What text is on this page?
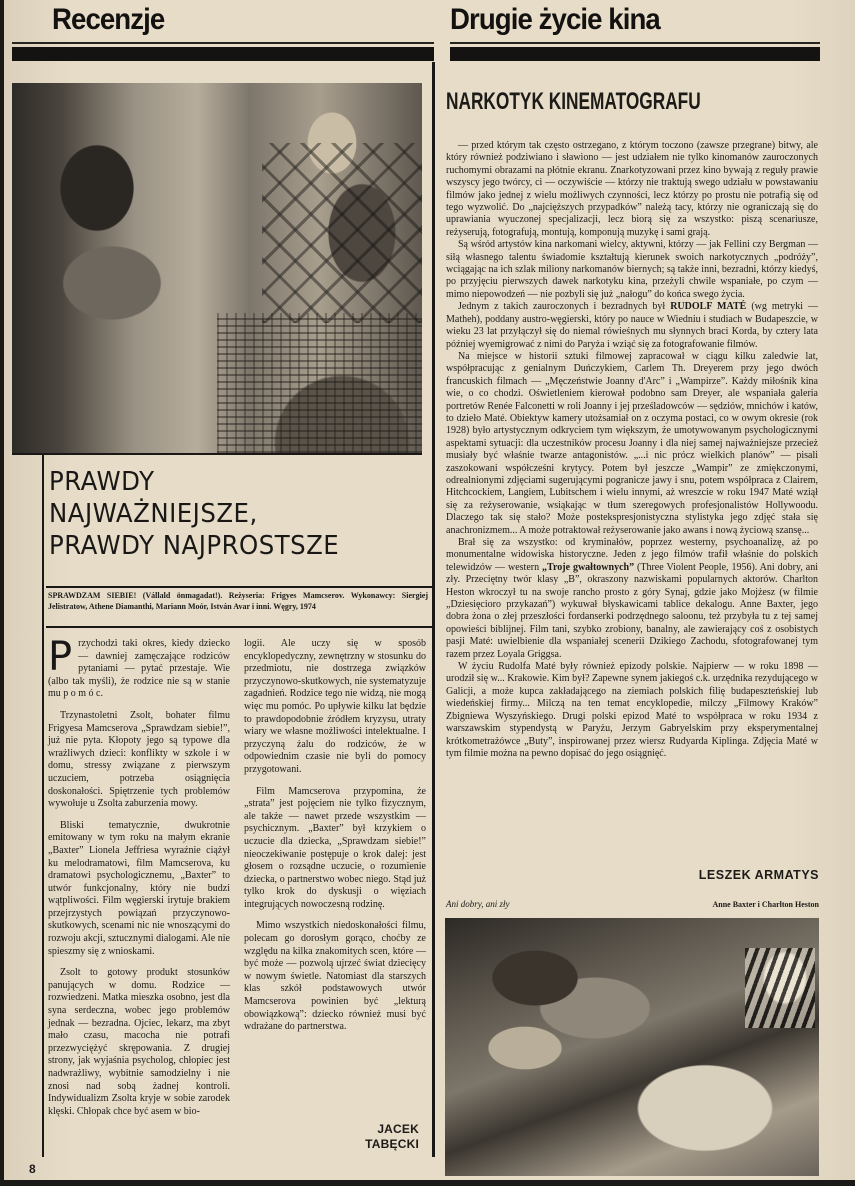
Recenzje	Drugie życie kina
PRAWDY
NAJWAŻNIEJSZE,
PRAWDY NAJPROSTSZE
SPRAWDZAM SIEBIE! (Vállald önmagadat!). Reżyseria: Frigyes Mamcserov. Wykonawcy: Siergiej Jelistratow, Athene Diamanthi, Mariann Moór, István Avar i inni. Węgry, 1974

Przychodzi taki okres, kiedy dziecko — dawniej zamęczające rodziców pytaniami — pytać przestaje. Wie (albo tak myśli), że rodzice nie są w stanie mu p o m ó c.

Trzynastoletni Zsolt, bohater filmu Frigyesa Mamcserova „Sprawdzam siebie!”, już nie pyta. Kłopoty jego są typowe dla wrażliwych dzieci: konflikty w szkole i w domu, stressy związane z pierwszym uczuciem, potrzeba osiągnięcia doskonałości. Spiętrzenie tych problemów wywołuje u Zsolta zaburzenia mowy.

Bliski tematycznie, dwukrotnie emitowany w tym roku na małym ekranie „Baxter” Lionela Jeffriesa wyraźnie ciążył ku melodramatowi, film Mamcserova, ku dramatowi psychologicznemu, „Baxter” to utwór funkcjonalny, który nie budzi wątpliwości. Film węgierski irytuje brakiem przejrzystych powiązań przyczynowo-skutkowych, scenami nic nie wnoszącymi do rozwoju akcji, sztucznymi dialogami. Ale nie spieszmy się z wnioskami.

Zsolt to gotowy produkt stosunków panujących w domu. Rodzice — rozwiedzeni. Matka mieszka osobno, jest dla syna serdeczna, wobec jego problemów jednak — bezradna. Ojciec, lekarz, ma zbyt mało czasu, macocha nie potrafi przezwyciężyć skrępowania. Z drugiej strony, jak wyjaśnia psycholog, chłopiec jest nadwrażliwy, wybitnie samodzielny i nie znosi nad sobą żadnej kontroli. Indywidualizm Zsolta kryje w sobie zarodek klęski. Chłopak chce być asem w bio-

logii. Ale uczy się w sposób encyklopedyczny, zewnętrzny w stosunku do przedmiotu, nie dostrzega związków przyczynowo-skutkowych, nie systematyzuje zagadnień. Rodzice tego nie widzą, nie mogą więc mu pomóc. Po upływie kilku lat będzie to prawdopodobnie źródłem kryzysu, utraty wiary we własne możliwości intelektualne. I przyczyną żalu do rodziców, że w odpowiednim czasie nie byli do pomocy przygotowani.

Film Mamcserova przypomina, że „strata” jest pojęciem nie tylko fizycznym, ale także — nawet przede wszystkim — psychicznym. „Baxter” był krzykiem o uczucie dla dziecka, „Sprawdzam siebie!” nieoczekiwanie postępuje o krok dalej: jest głosem o rozsądne uczucie, o rozumienie dziecka, o partnerstwo wobec niego. Stąd już tylko krok do dyskusji o więziach integrujących nowoczesną rodzinę.

Mimo wszystkich niedoskonałości filmu, polecam go dorosłym gorąco, choćby ze względu na kilka znakomitych scen, które — być może — pozwolą ujrzeć świat dziecięcy w nowym świetle. Natomiast dla starszych klas szkół podstawowych utwór Mamcserova powinien być „lekturą obowiązkową”: dziecko również musi być wdrażane do partnerstwa.

JACEK
TABĘCKI
8
NARKOTYK KINEMATOGRAFU

— przed którym tak często ostrzegano, z którym toczono (zawsze przegrane) bitwy, ale który również podziwiano i sławiono — jest udziałem nie tylko kinomanów zauroczonych ruchomymi obrazami na płótnie ekranu. Znarkotyzowani przez kino bywają z reguły prawie wszyscy jego twórcy, ci — oczywiście — którzy nie traktują swego udziału w powstawaniu filmów jako jednej z wielu możliwych czynności, lecz którzy po prostu nie potrafią się od tego wyzwolić. Do „najcięższych przypadków” należą tacy, którzy nie ograniczają się do uprawiania wyuczonej specjalizacji, lecz biorą się za wszystko: piszą scenariusze, reżyserują, fotografują, montują, komponują muzykę i sami grają.

Są wśród artystów kina narkomani wielcy, aktywni, którzy — jak Fellini czy Bergman — siłą własnego talentu świadomie kształtują kierunek swoich narkotycznych „podróży”, wciągając na ich szlak miliony narkomanów biernych; są także inni, bezradni, którzy kiedyś, po przyjęciu pierwszych dawek narkotyku kina, przeżyli chwile wspaniałe, po czym — mimo niepowodzeń — nie pozbyli się już „nałogu” do końca swego życia.

Jednym z takich zauroczonych i bezradnych był RUDOLF MATÉ (wg metryki — Matheh), poddany austro-węgierski, który po nauce w Wiedniu i studiach w Budapeszcie, w wieku 23 lat przyłączył się do niemal rówieśnych mu słynnych braci Korda, by cztery lata później wyemigrować z nimi do Paryża i wziąć się za fotografowanie filmów.

Na miejsce w historii sztuki filmowej zapracował w ciągu kilku zaledwie lat, współpracując z genialnym Duńczykiem, Carlem Th. Dreyerem przy jego dwóch francuskich filmach — „Męczeństwie Joanny d'Arc” i „Wampirze”. Każdy miłośnik kina wie, o co chodzi. Oświetleniem kierował podobno sam Dreyer, ale wspaniała galeria portretów Renée Falconetti w roli Joanny i jej prześladowców — sędziów, mnichów i katów, to dzieło Maté. Obiektyw kamery utożsamiał on z oczyma postaci, co w owym okresie (rok 1928) było artystycznym odkryciem tym większym, że umotywowanym psychologicznymi aspektami sytuacji: dla uczestników procesu Joanny i dla niej samej najważniejsze przecież musiały być właśnie twarze antagonistów. „...i nic prócz wielkich planów” — pisali zaszokowani współcześni krytycy. Potem był jeszcze „Wampir” ze zmiękczonymi, odrealnionymi zdjęciami sugerującymi pogranicze jawy i snu, potem współpraca z Clairem, Hitchcockiem, Langiem, Lubitschem i wielu innymi, aż wreszcie w roku 1947 Maté wziął się za reżyserowanie, wsiąkając w tłum szeregowych profesjonalistów Hollywoodu. Dlaczego tak się stało? Może postekspresjonistyczna stylistyka jego zdjęć stała się anachronizmem... A może potraktował reżyserowanie jako awans i nową życiową szansę...

Brał się za wszystko: od kryminałów, poprzez westerny, psychoanalizę, aż po monumentalne widowiska historyczne. Jeden z jego filmów trafił właśnie do polskich telewidzów — western „Troje gwałtownych” (Three Violent People, 1956). Ani dobry, ani zły. Przeciętny twór klasy „B”, okraszony nazwiskami popularnych aktorów. Charlton Heston wkroczył tu na swoje rancho prosto z góry Synaj, gdzie jako Mojżesz (w filmie „Dziesięcioro przykazań”) wykuwał błyskawicami tablice dekalogu. Anne Baxter, jego dobra żona o złej przeszłości fordanserki podrzędnego saloonu, też przybyła tu z tej samej opowieści biblijnej. Film tani, szybko zrobiony, banalny, ale zawierający coś z osobistych pasji Maté: uwielbienie dla wspaniałej scenerii Dzikiego Zachodu, sfotografowanej tym razem przez Loyala Griggsa.

W życiu Rudolfa Maté były również epizody polskie. Najpierw — w roku 1898 — urodził się w... Krakowie. Kim był? Zapewne synem jakiegoś c.k. urzędnika rezydującego w Galicji, a może kupca zakładającego na ziemiach polskich filię budapeszteńskiej lub wiedeńskiej firmy... Milczą na ten temat encyklopedie, milczy „Filmowy Kraków” Zbigniewa Wyszyńskiego. Drugi polski epizod Maté to współpraca w roku 1934 z warszawskim stypendystą w Paryżu, Jerzym Gabryelskim przy eksperymentalnej krótkometrażówce „Buty”, inspirowanej przez wiersz Rudyarda Kiplinga. Zdjęcia Maté w tym filmie można na pewno dopisać do jego osiągnięć.

LESZEK ARMATYS
Ani dobry, ani zły	Anne Baxter i Charlton Heston
